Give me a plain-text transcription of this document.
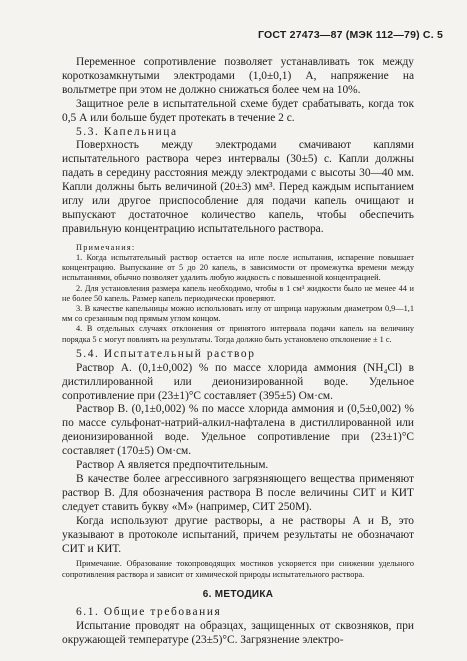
ГОСТ 27473—87 (МЭК 112—79) С. 5

Переменное сопротивление позволяет устанавливать ток между короткозамкнутыми электродами (1,0±0,1) А, напряжение на вольтметре при этом не должно снижаться более чем на 10%.

Защитное реле в испытательной схеме будет срабатывать, когда ток 0,5 А или больше будет протекать в течение 2 с.

5.3. Капельница

Поверхность между электродами смачивают каплями испытательного раствора через интервалы (30±5) с. Капли должны падать в середину расстояния между электродами с высоты 30—40 мм. Капли должны быть величиной (20±3) мм³. Перед каждым испытанием иглу или другое приспособление для подачи капель очищают и выпускают достаточное количество капель, чтобы обеспечить правильную концентрацию испытательного раствора.

Примечания:

1. Когда испытательный раствор остается на игле после испытания, испарение повышает концентрацию. Выпускание от 5 до 20 капель, в зависимости от промежутка времени между испытаниями, обычно позволяет удалить любую жидкость с повышенной концентрацией.

2. Для установления размера капель необходимо, чтобы в 1 см³ жидкости было не менее 44 и не более 50 капель. Размер капель периодически проверяют.

3. В качестве капельницы можно использовать иглу от шприца наружным диаметром 0,9—1,1 мм со срезанным под прямым углом концом.

4. В отдельных случаях отклонения от принятого интервала подачи капель на величину порядка 5 с могут повлиять на результаты. Тогда должно быть установлено отклонение ± 1 с.

5.4. Испытательный раствор

Раствор А. (0,1±0,002) % по массе хлорида аммония (NH₄Cl) в дистиллированной или деионизированной воде. Удельное сопротивление при (23±1)°С составляет (395±5) Ом·см.

Раствор В. (0,1±0,002) % по массе хлорида аммония и (0,5±0,002) % по массе сульфонат-натрий-алкил-нафталена в дистиллированной или деионизированной воде. Удельное сопротивление при (23±1)°С составляет (170±5) Ом·см.

Раствор А является предпочтительным.

В качестве более агрессивного загрязняющего вещества применяют раствор В. Для обозначения раствора В после величины СИТ и КИТ следует ставить букву «М» (например, СИТ 250М).

Когда используют другие растворы, а не растворы А и В, это указывают в протоколе испытаний, причем результаты не обозначают СИТ и КИТ.

Примечание. Образование токопроводящих мостиков ускоряется при снижении удельного сопротивления раствора и зависит от химической природы испытательного раствора.

6. МЕТОДИКА

6.1. Общие требования

Испытание проводят на образцах, защищенных от сквозняков, при окружающей температуре (23±5)°С. Загрязнение электро-
